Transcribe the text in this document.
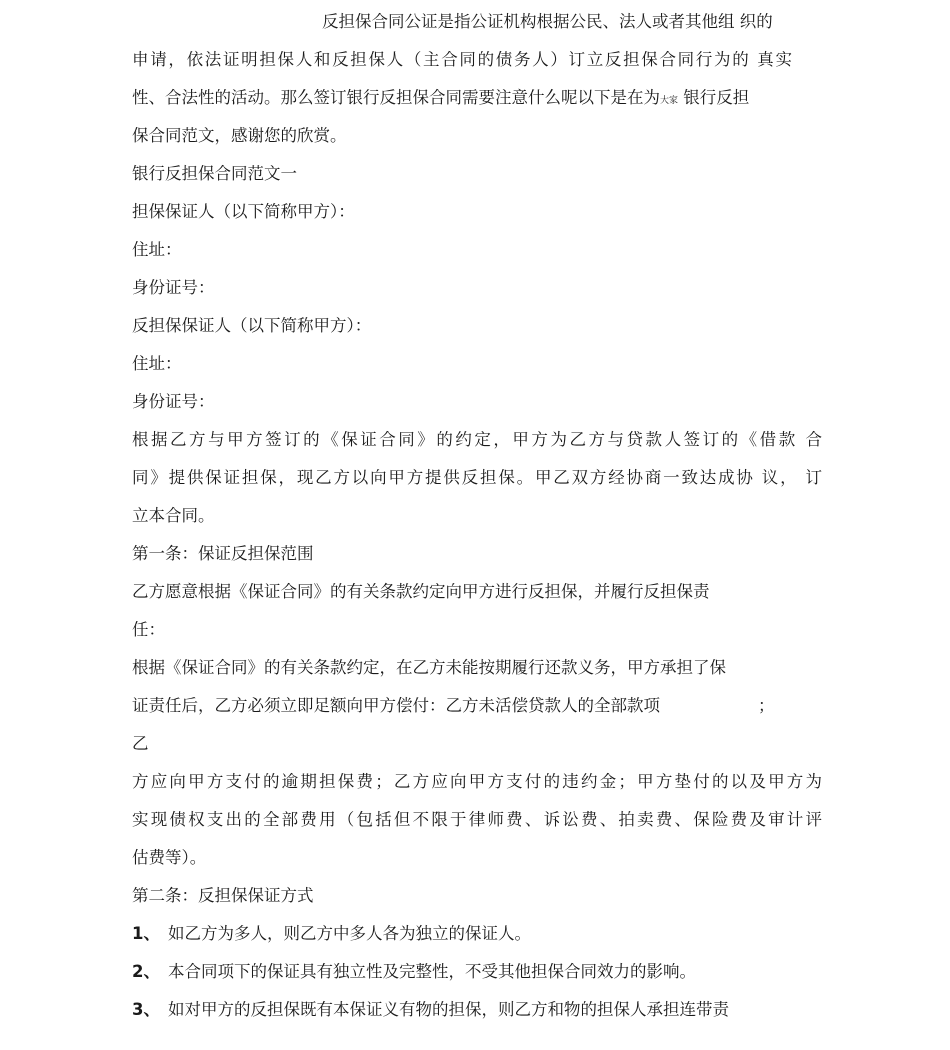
反担保合同公证是指公证机构根据公民、法人或者其他组 织的
申请，依法证明担保人和反担保人（主合同的债务人）订立反担保合同行为的 真实
性、合法性的活动。那么签订银行反担保合同需要注意什么呢以下是在为大家 银行反担
保合同范文，感谢您的欣赏。
银行反担保合同范文一
担保保证人（以下简称甲方）：
住址：
身份证号：
反担保保证人（以下简称甲方）：
住址：
身份证号：
根据乙方与甲方签订的《保证合同》的约定，甲方为乙方与贷款人签订的《借款 合
同》提供保证担保，现乙方以向甲方提供反担保。甲乙双方经协商一致达成协 议， 订
立本合同。
第一条：保证反担保范围
乙方愿意根据《保证合同》的有关条款约定向甲方进行反担保，并履行反担保责
任：
根据《保证合同》的有关条款约定，在乙方未能按期履行还款义务，甲方承担了保
证责任后，乙方必须立即足额向甲方偿付：乙方未活偿贷款人的全部款项	；
乙
方应向甲方支付的逾期担保费；乙方应向甲方支付的违约金；甲方垫付的以及甲方为
实现债权支出的全部费用（包括但不限于律师费、诉讼费、拍卖费、保险费及审计评
估费等）。
第二条：反担保保证方式
1、 如乙方为多人，则乙方中多人各为独立的保证人。
2、 本合同项下的保证具有独立性及完整性，不受其他担保合同效力的影响。
3、 如对甲方的反担保既有本保证义有物的担保，则乙方和物的担保人承担连带责
